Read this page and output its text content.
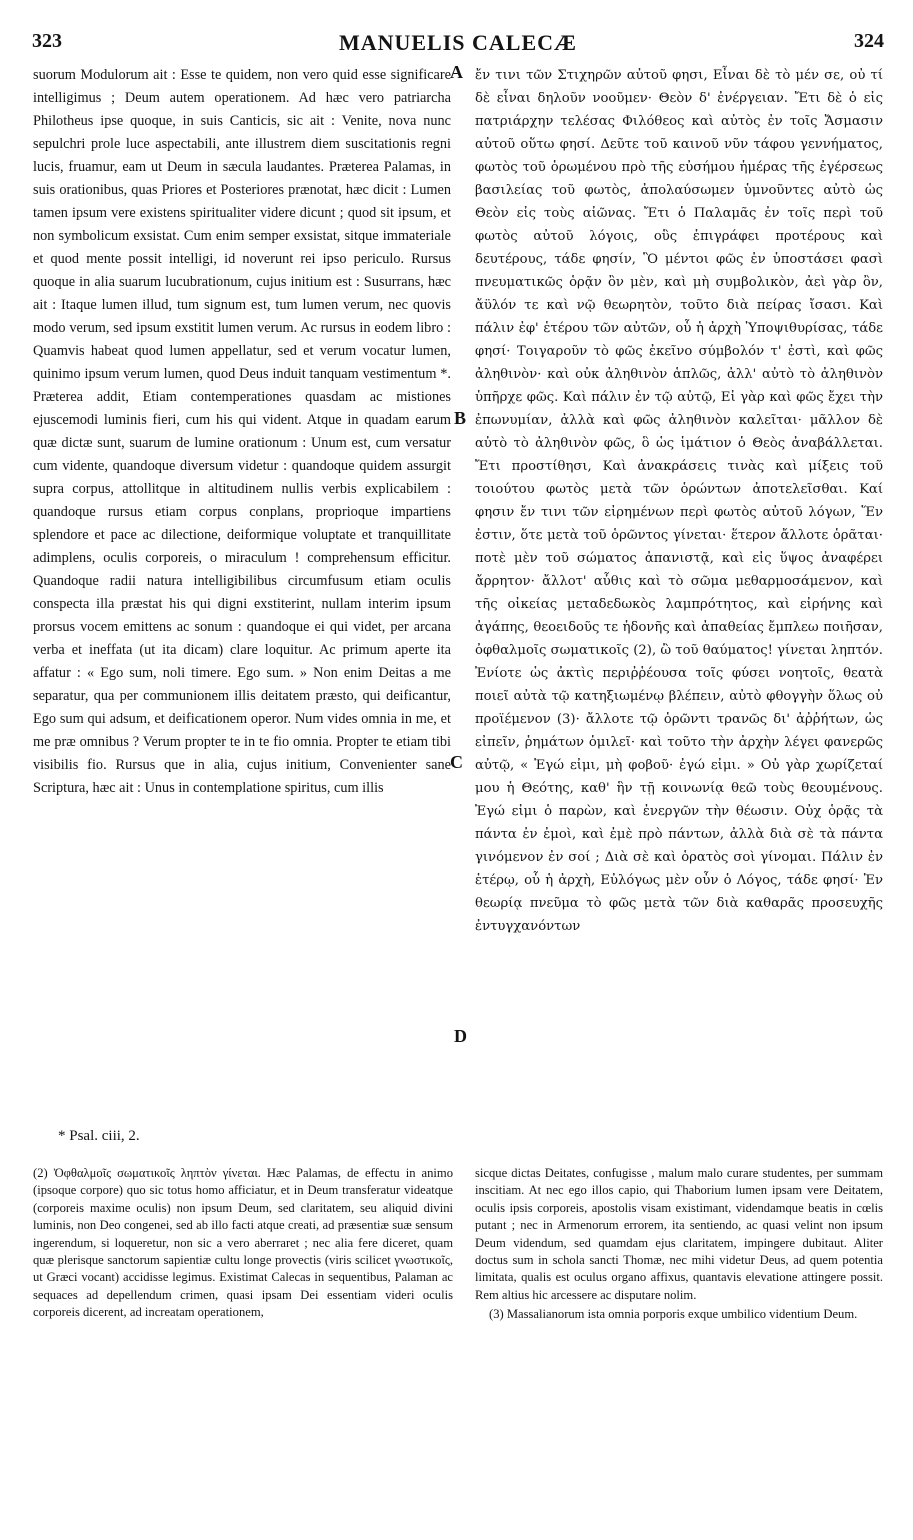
323	MANUELIS CALECÆ	324

suorum Modulorum ait : Esse te quidem, non vero quid esse significare intelligimus ; Deum autem operationem. Ad hæc vero patriarcha Philotheus ipse quoque, in suis Canticis, sic ait : Venite, nova nunc sepulchri prole luce aspectabili, ante illustrem diem suscitationis regni lucis, fruamur, eam ut Deum in sæcula laudantes. Præterea Palamas, in suis orationibus, quas Priores et Posteriores prænotat, hæc dicit : Lumen tamen ipsum vere existens spiritualiter videre dicunt ; quod sit ipsum, et non symbolicum exsistat. Cum enim semper exsistat, sitque immateriale et quod mente possit intelligi, id noverunt rei ipso periculo. Rursus quoque in alia suarum lucubrationum, cujus initium est : Susurrans, hæc ait : Itaque lumen illud, tum signum est, tum lumen verum, nec quovis modo verum, sed ipsum exstitit lumen verum. Ac rursus in eodem libro : Quamvis habeat quod lumen appellatur, sed et verum vocatur lumen, quinimo ipsum verum lumen, quod Deus induit tanquam vestimentum *. Præterea addit, Etiam contemperationes quasdam ac mistiones ejuscemodi luminis fieri, cum his qui vident. Atque in quadam earum quæ dictæ sunt, suarum de lumine orationum : Unum est, cum versatur cum vidente, quandoque diversum videtur : quandoque quidem assurgit supra corpus, attollitque in altitudinem nullis verbis explicabilem : quandoque rursus etiam corpus conplans, proprioque impartiens splendore et pace ac dilectione, deiformique voluptate et tranquillitate adimplens, oculis corporeis, o miraculum ! comprehensum efficitur. Quandoque radii natura intelligibilibus circumfusum etiam oculis conspecta illa præstat his qui digni exstiterint, nullam interim ipsum prorsus vocem emittens ac sonum : quandoque ei qui videt, per arcana verba et ineffata (ut ita dicam) clare loquitur. Ac primum aperte ita affatur : « Ego sum, noli timere. Ego sum. » Non enim Deitas a me separatur, qua per communionem illis deitatem præsto, qui deificantur, Ego sum qui adsum, et deificationem operor. Num vides omnia in me, et me præ omnibus ? Verum propter te in te fio omnia. Propter te etiam tibi visibilis fio. Rursus que in alia, cujus initium, Convenienter sane Scriptura, hæc ait : Unus in contemplatione spiritus, cum illis

ἔν τινι τῶν Στιχηρῶν αὐτοῦ φησι, Εἶναι δὲ τὸ μέν σε, οὐ τί δὲ εἶναι δηλοῦν νοοῦμεν· Θεὸν δ' ἐνέργειαν. Ἔτι δὲ ὁ εἰς πατριάρχην τελέσας Φιλόθεος καὶ αὐτὸς ἐν τοῖς Ἄσμασιν αὐτοῦ οὕτω φησί. Δεῦτε τοῦ καινοῦ νῦν τάφου γεννήματος, φωτὸς τοῦ ὁρωμένου πρὸ τῆς εὐσήμου ἡμέρας τῆς ἐγέρσεως βασιλείας τοῦ φωτὸς, ἀπολαύσωμεν ὑμνοῦντες αὐτὸ ὡς Θεὸν εἰς τοὺς αἰῶνας. Ἔτι ὁ Παλαμᾶς ἐν τοῖς περὶ τοῦ φωτὸς αὐτοῦ λόγοις, οὓς ἐπιγράφει προτέρους καὶ δευτέρους, τάδε φησίν, Ὃ μέντοι φῶς ἐν ὑποστάσει φασὶ πνευματικῶς ὁρᾷν ὂν μὲν, καὶ μὴ συμβολικὸν, ἀεὶ γὰρ ὂν, ἄϋλόν τε καὶ νῷ θεωρητὸν, τοῦτο διὰ πείρας ἴσασι. Καὶ πάλιν ἐφ' ἑτέρου τῶν αὐτῶν, οὗ ἡ ἀρχὴ Ὑποψιθυρίσας, τάδε φησί· Τοιγαροῦν τὸ φῶς ἐκεῖνο σύμβολόν τ' ἐστὶ, καὶ φῶς ἀληθινὸν· καὶ οὐκ ἀληθινὸν ἁπλῶς, ἀλλ' αὐτὸ τὸ ἀληθινὸν ὑπῆρχε φῶς. Καὶ πάλιν ἐν τῷ αὐτῷ, Εἰ γὰρ καὶ φῶς ἔχει τὴν ἐπωνυμίαν, ἀλλὰ καὶ φῶς ἀληθινὸν καλεῖται· μᾶλλον δὲ αὐτὸ τὸ ἀληθινὸν φῶς, ὃ ὡς ἱμάτιον ὁ Θεὸς ἀναβάλλεται. Ἔτι προστίθησι, Καὶ ἀνακράσεις τινὰς καὶ μίξεις τοῦ τοιούτου φωτὸς μετὰ τῶν ὁρώντων ἀποτελεῖσθαι. Καί φησιν ἔν τινι τῶν εἰρημένων περὶ φωτὸς αὐτοῦ λόγων, Ἕν ἐστιν, ὅτε μετὰ τοῦ ὁρῶντος γίνεται· ἕτερον ἄλλοτε ὁρᾶται· ποτὲ μὲν τοῦ σώματος ἀπανιστᾷ, καὶ εἰς ὕψος ἀναφέρει ἄρρητον· ἄλλοτ' αὖθις καὶ τὸ σῶμα μεθαρμοσάμενον, καὶ τῆς οἰκείας μεταδεδωκὸς λαμπρότητος, καὶ εἰρήνης καὶ ἀγάπης, θεοειδοῦς τε ἡδονῆς καὶ ἀπαθείας ἔμπλεω ποιῆσαν, ὀφθαλμοῖς σωματικοῖς (2), ὢ τοῦ θαύματος! γίνεται ληπτόν. Ἐνίοτε ὡς ἀκτὶς περιῤῥέουσα τοῖς φύσει νοητοῖς, θεατὰ ποιεῖ αὐτὰ τῷ κατηξιωμένῳ βλέπειν, αὐτὸ φθογγὴν ὅλως οὐ προϊέμενον (3)· ἄλλοτε τῷ ὁρῶντι τρανῶς δι' ἀῤῥήτων, ὡς εἰπεῖν, ῥημάτων ὁμιλεῖ· καὶ τοῦτο τὴν ἀρχὴν λέγει φανερῶς αὐτῷ, « Ἐγώ εἰμι, μὴ φοβοῦ· ἐγώ εἰμι. » Οὐ γὰρ χωρίζεταί μου ἡ Θεότης, καθ' ἣν τῇ κοινωνίᾳ θεῶ τοὺς θεουμένους. Ἐγώ εἰμι ὁ παρὼν, καὶ ἐνεργῶν τὴν θέωσιν. Οὐχ ὁρᾷς τὰ πάντα ἐν ἐμοὶ, καὶ ἐμὲ πρὸ πάντων, ἀλλὰ διὰ σὲ τὰ πάντα γινόμενον ἐν σοί ; Διὰ σὲ καὶ ὁρατὸς σοὶ γίνομαι. Πάλιν ἐν ἑτέρῳ, οὗ ἡ ἀρχὴ, Εὐλόγως μὲν οὖν ὁ Λόγος, τάδε φησί· Ἐν θεωρίᾳ πνεῦμα τὸ φῶς μετὰ τῶν διὰ καθαρᾶς προσευχῆς ἐντυγχανόντων

A
B
C
D
* Psal. ciii, 2.

(2) Ὀφθαλμοῖς σωματικοῖς ληπτὸν γίνεται. Hæc Palamas, de effectu in animo (ipsoque corpore) quo sic totus homo afficiatur, et in Deum transferatur videatque (corporeis maxime oculis) non ipsum Deum, sed claritatem, seu aliquid divini luminis, non Deo congenei, sed ab illo facti atque creati, ad præsentiæ suæ sensum ingerendum, si loqueretur, non sic a vero aberraret ; nec alia fere diceret, quam quæ plerisque sanctorum sapientiæ cultu longe provectis (viris scilicet γνωστικοῖς, ut Græci vocant) accidisse legimus. Existimat Calecas in sequentibus, Palaman ac sequaces ad depellendum crimen, quasi ipsam Dei essentiam videri oculis corporeis dicerent, ad increatam operationem,

sicque dictas Deitates, confugisse , malum malo curare studentes, per summam inscitiam. At nec ego illos capio, qui Thaborium lumen ipsam vere Deitatem, oculis ipsis corporeis, apostolis visam existimant, videndamque beatis in cœlis putant ; nec in Armenorum errorem, ita sentiendo, ac quasi velint non ipsum Deum videndum, sed quamdam ejus claritatem, impingere dubitaut. Aliter doctus sum in schola sancti Thomæ, nec mihi videtur Deus, ad quem potentia limitata, qualis est oculus organo affixus, quantavis elevatione attingere possit. Rem altius hic arcessere ac disputare nolim.

(3) Massalianorum ista omnia porporis exque umbilico videntium Deum.
